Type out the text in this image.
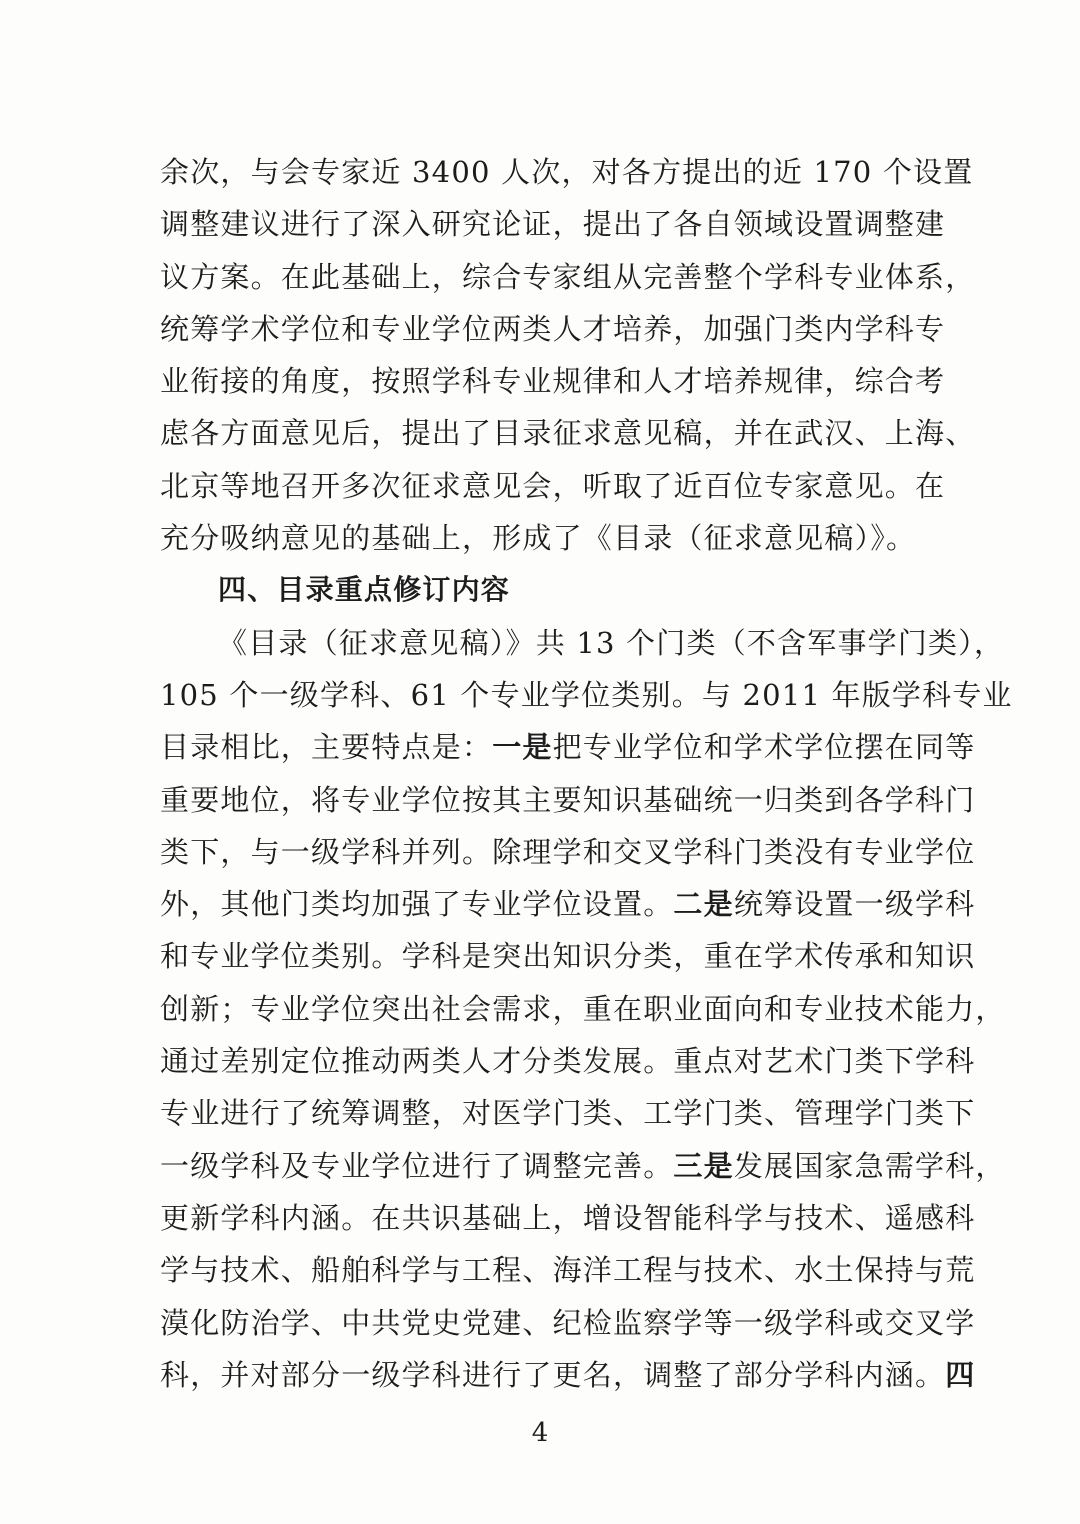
余次，与会专家近 3400 人次，对各方提出的近 170 个设置
调整建议进行了深入研究论证，提出了各自领域设置调整建
议方案。在此基础上，综合专家组从完善整个学科专业体系，
统筹学术学位和专业学位两类人才培养，加强门类内学科专
业衔接的角度，按照学科专业规律和人才培养规律，综合考
虑各方面意见后，提出了目录征求意见稿，并在武汉、上海、
北京等地召开多次征求意见会，听取了近百位专家意见。在
充分吸纳意见的基础上，形成了《目录（征求意见稿）》。
四、目录重点修订内容
《目录（征求意见稿）》共 13 个门类（不含军事学门类），
105 个一级学科、61 个专业学位类别。与 2011 年版学科专业
目录相比，主要特点是：一是把专业学位和学术学位摆在同等
重要地位，将专业学位按其主要知识基础统一归类到各学科门
类下，与一级学科并列。除理学和交叉学科门类没有专业学位
外，其他门类均加强了专业学位设置。二是统筹设置一级学科
和专业学位类别。学科是突出知识分类，重在学术传承和知识
创新；专业学位突出社会需求，重在职业面向和专业技术能力，
通过差别定位推动两类人才分类发展。重点对艺术门类下学科
专业进行了统筹调整，对医学门类、工学门类、管理学门类下
一级学科及专业学位进行了调整完善。三是发展国家急需学科，
更新学科内涵。在共识基础上，增设智能科学与技术、遥感科
学与技术、船舶科学与工程、海洋工程与技术、水土保持与荒
漠化防治学、中共党史党建、纪检监察学等一级学科或交叉学
科，并对部分一级学科进行了更名，调整了部分学科内涵。四
4
